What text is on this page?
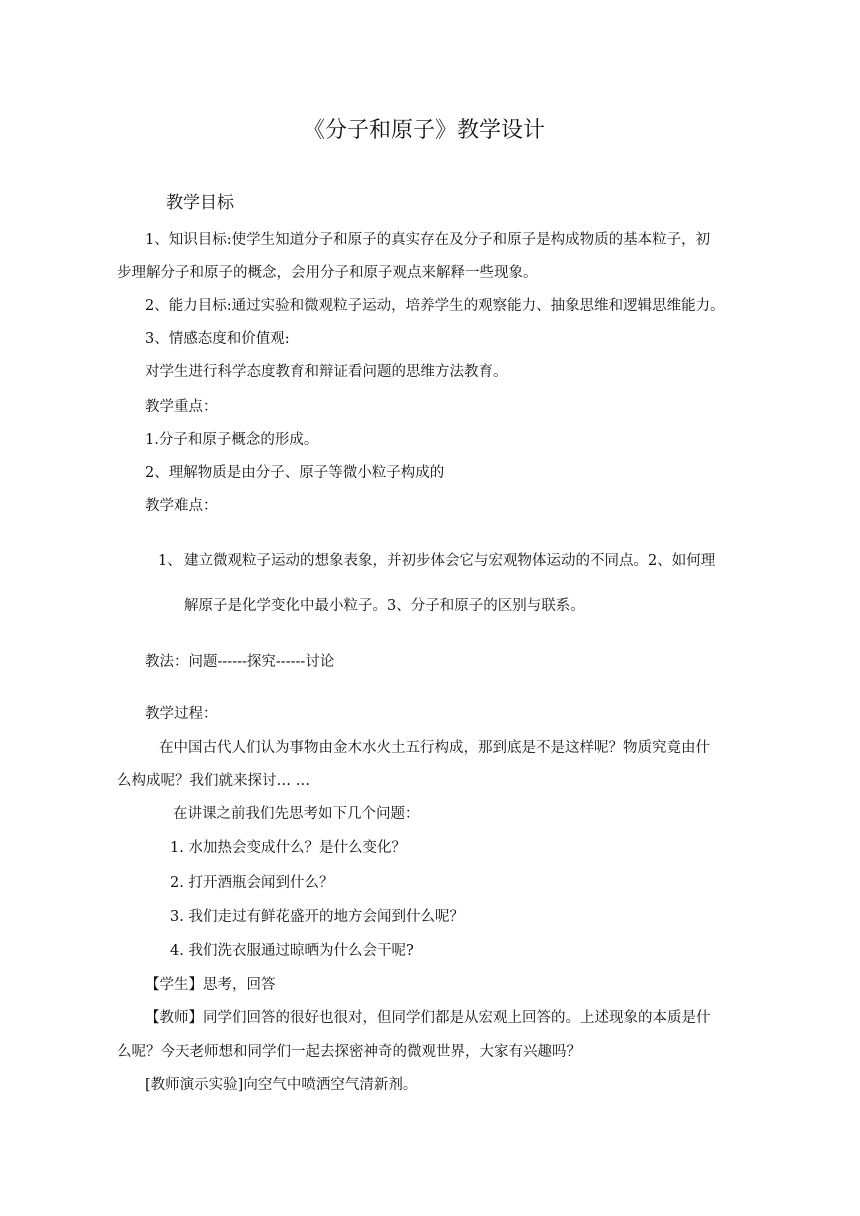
《分子和原子》教学设计
教学目标
1、知识目标:使学生知道分子和原子的真实存在及分子和原子是构成物质的基本粒子，初
步理解分子和原子的概念，会用分子和原子观点来解释一些现象。
2、能力目标:通过实验和微观粒子运动，培养学生的观察能力、抽象思维和逻辑思维能力。
3、情感态度和价值观:
对学生进行科学态度教育和辩证看问题的思维方法教育。
教学重点：
1.分子和原子概念的形成。
2、理解物质是由分子、原子等微小粒子构成的
教学难点：
1、 建立微观粒子运动的想象表象，并初步体会它与宏观物体运动的不同点。2、如何理
解原子是化学变化中最小粒子。3、分子和原子的区别与联系。
教法：问题------探究------讨论
教学过程：
在中国古代人们认为事物由金木水火土五行构成，那到底是不是这样呢？物质究竟由什
么构成呢？我们就来探讨… …
在讲课之前我们先思考如下几个问题：
1. 水加热会变成什么？是什么变化？
2. 打开酒瓶会闻到什么？
3. 我们走过有鲜花盛开的地方会闻到什么呢？
4. 我们洗衣服通过晾晒为什么会干呢?
【学生】思考，回答
【教师】同学们回答的很好也很对，但同学们都是从宏观上回答的。上述现象的本质是什
么呢？今天老师想和同学们一起去探密神奇的微观世界，大家有兴趣吗？
[教师演示实验]向空气中喷洒空气清新剂。
